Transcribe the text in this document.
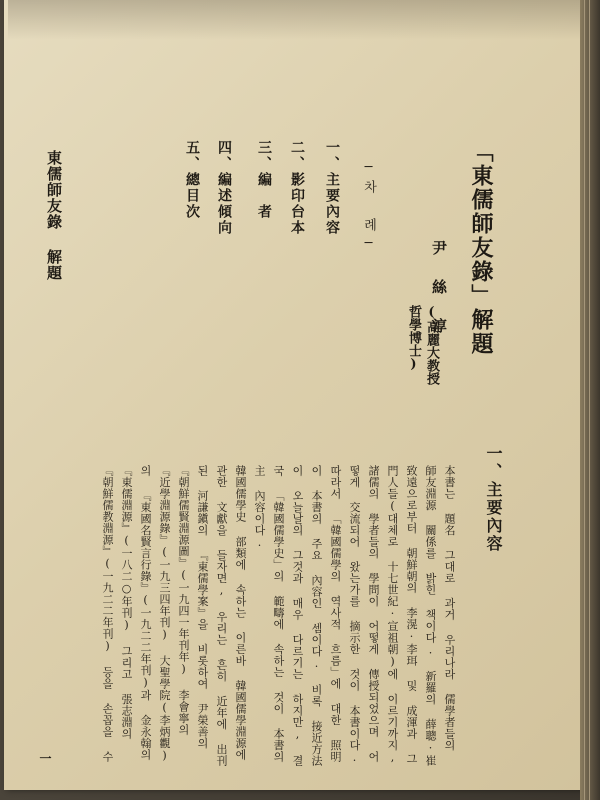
東儒師友錄 解題	五、總目次 四、編述傾向 三、編　者 二、影印台本 一、主要內容 ─차 례─	「東儒師友錄」解題
尹 絲 淳
(高麗大教授 哲學博士)
一、主要內容

本書는 題名 그대로 과거 우리나라 儒學者들의 師友淵源 關係를 밝힌 책이다. 新羅의 薛聰·崔致遠으로부터 朝鮮朝의 李滉·李珥 및 成渾과 그 門人들(대체로 十七世紀·宣祖朝)에 이르기까지, 諸儒의 學者들의 學問이 어떻게 傳授되었으며 어떻게 交流되어 왔는가를 摘示한 것이 本書이다. 따라서 「韓國儒學의 역사적 흐름」에 대한 照明이 本書의 주요 內容인 셈이다. 비록 接近方法이 오늘날의 그것과 매우 다르기는 하지만, 결국 「韓國儒學史」의 範疇에 속하는 것이 本書의 主 內容이다.

韓國儒學史 部類에 속하는 이른바 韓國儒學淵源에 관한 文獻을 들자면, 우리는 흔히 近年에 出刊된 河謙鎭의 『東儒學案』을 비롯하여 尹榮善의 『朝鮮儒賢淵源圖』(一九四一年刊年) 李會寧의 『近學淵源錄』(一九三四年刊) 大聖學院(李炳觀)의 『東國名賢言行錄』(一九二二年刊)과 金永翰의 『東儒淵源』(一八二○年刊) 그리고 張志淵의 『朝鮮儒教淵源』(一九二二年刊) 등을 손꼽을 수

一
